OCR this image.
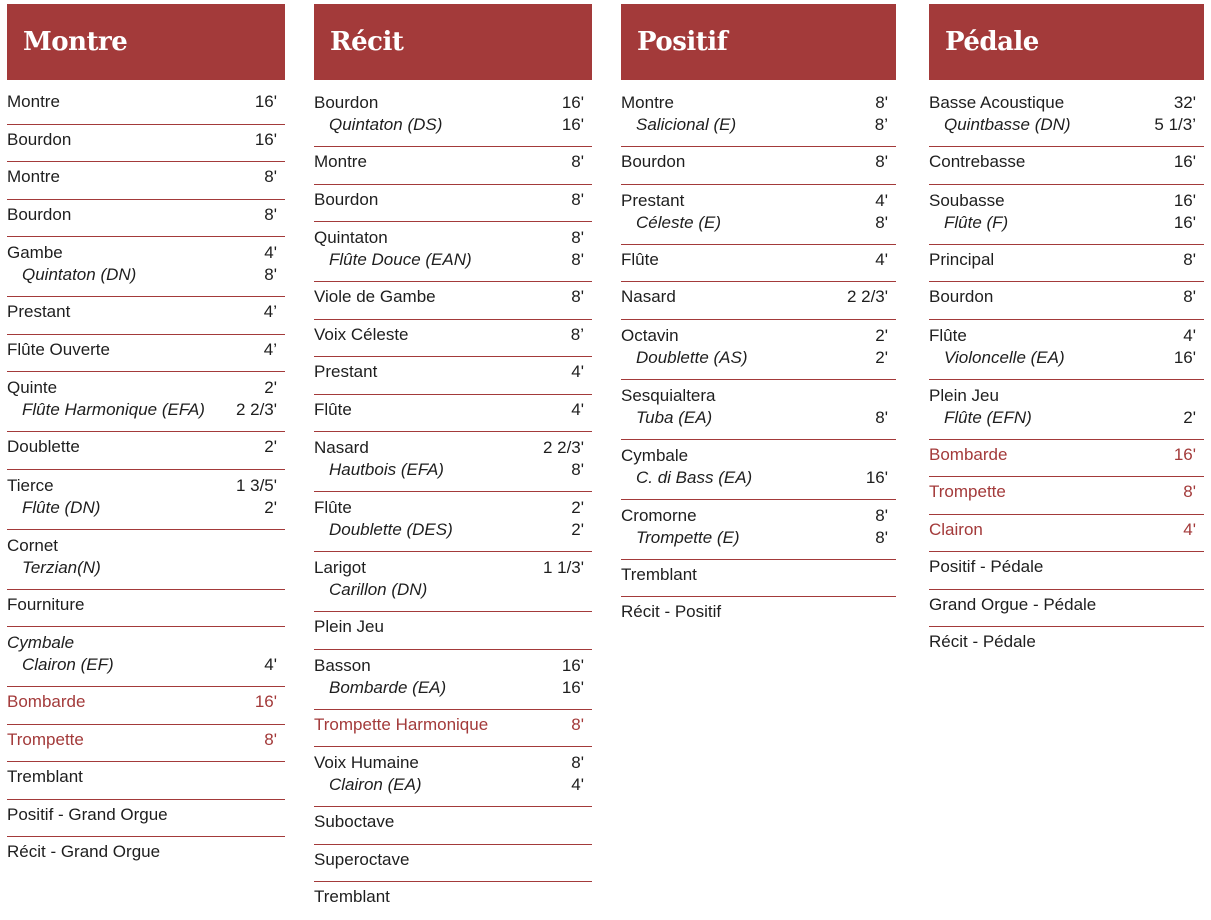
Montre
Montre	16'
Bourdon	16'
Montre	8'
Bourdon	8'
Gambe	4'
Quintaton (DN)	8'
Prestant	4’
Flûte Ouverte	4’
Quinte	2'
Flûte Harmonique (EFA) 2 2/3'
Doublette	2'
Tierce	1 3/5'
Flûte (DN)	2'
Cornet
Terzian(N)
Fourniture
Cymbale
Clairon (EF)	4'
Bombarde	16'
Trompette	8'
Tremblant
Positif - Grand Orgue
Récit - Grand Orgue
Récit
Bourdon	16'
Quintaton (DS)	16'
Montre	8'
Bourdon	8'
Quintaton	8'
Flûte Douce (EAN)	8'
Viole de Gambe	8'
Voix Céleste	8’
Prestant	4'
Flûte	4'
Nasard	2 2/3'
Hautbois (EFA)	8'
Flûte	2'
Doublette (DES)	2'
Larigot	1 1/3'
Carillon (DN)
Plein Jeu
Basson	16'
Bombarde (EA)	16'
Trompette Harmonique	8'
Voix Humaine	8'
Clairon (EA)	4'
Suboctave
Superoctave
Tremblant
Positif
Montre	8'
Salicional (E)	8’
Bourdon	8'
Prestant	4'
Céleste (E)	8'
Flûte	4'
Nasard	2 2/3'
Octavin	2'
Doublette (AS)	2'
Sesquialtera
Tuba (EA)	8'
Cymbale
C. di Bass (EA)	16'
Cromorne	8'
Trompette (E)	8'
Tremblant
Récit - Positif
Pédale
Basse Acoustique	32'
Quintbasse (DN)	5 1/3’
Contrebasse	16'
Soubasse	16'
Flûte (F)	16'
Principal	8'
Bourdon	8'
Flûte	4'
Violoncelle (EA)	16'
Plein Jeu
Flûte (EFN)	2'
Bombarde	16'
Trompette	8'
Clairon	4'
Positif - Pédale
Grand Orgue - Pédale
Récit - Pédale
